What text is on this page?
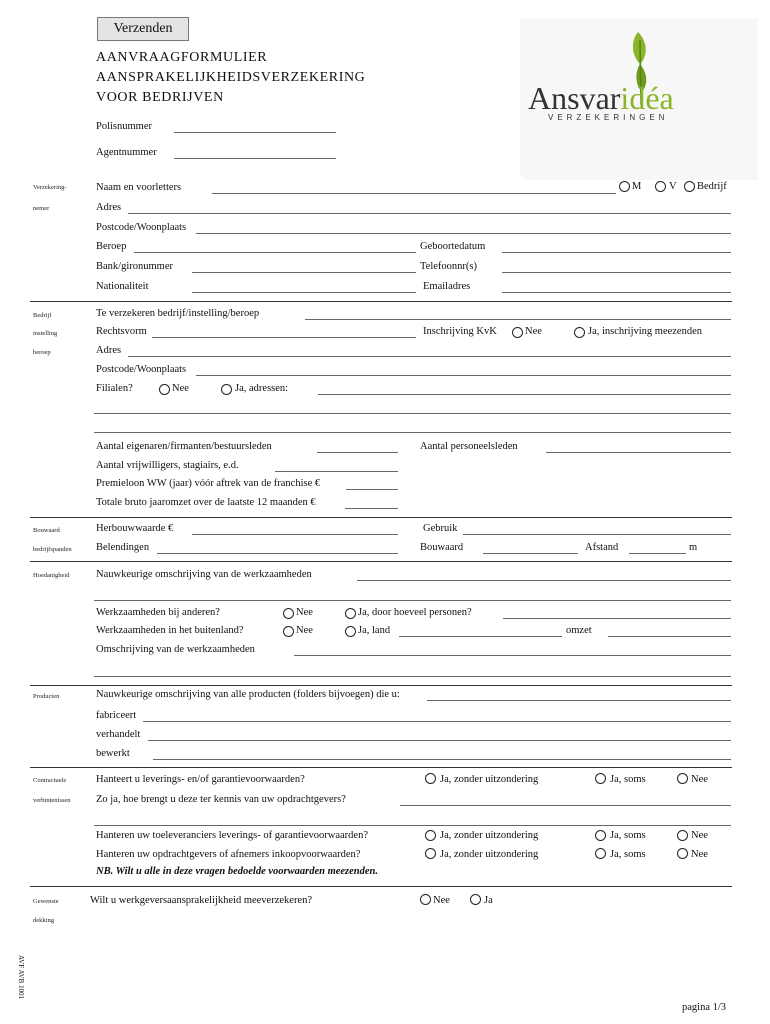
Verzenden
AANVRAAGFORMULIER
AANSPRAKELIJKHEIDSVERZEKERING
VOOR BEDRIJVEN	Ansvaridéa
VERZEKERINGEN
Polisnummer
Agentnummer
Verzekering-
nemer
Naam en voorletters	M	V Bedrijf
Adres
Postcode/Woonplaats
Beroep	Geboortedatum
Bank/gironummer	Telefoonnr(s)
Nationaliteit	Emailadres
Bedrijf
instelling
beroep
Te verzekeren bedrijf/instelling/beroep
Rechtsvorm	Inschrijving KvK	Nee	Ja, inschrijving meezenden
Adres
Postcode/Woonplaats
Filialen?	Nee	Ja, adressen:
Aantal eigenaren/firmanten/bestuursleden	Aantal personeelsleden
Aantal vrijwilligers, stagiairs, e.d.
Premieloon WW (jaar) vóór aftrek van de franchise €
Totale bruto jaaromzet over de laatste 12 maanden €
Bouwaard
bedrijfspanden
Herbouwwaarde €	Gebruik
Belendingen	Bouwaard	Afstand	m
Hoedanigheid	Nauwkeurige omschrijving van de werkzaamheden
Werkzaamheden bij anderen?	Nee	Ja, door hoeveel personen?
Werkzaamheden in het buitenland?	Nee	Ja, land	omzet
Omschrijving van de werkzaamheden
Producten	Nauwkeurige omschrijving van alle producten (folders bijvoegen) die u:
fabriceert
verhandelt
bewerkt
Contractuele
verbintenissen
Hanteert u leverings- en/of garantievoorwaarden?	Ja, zonder uitzondering	Ja, soms	Nee
Zo ja, hoe brengt u deze ter kennis van uw opdrachtgevers?
Hanteren uw toeleveranciers leverings- of garantievoorwaarden?	Ja, zonder uitzondering	Ja, soms	Nee
Hanteren uw opdrachtgevers of afnemers inkoopvoorwaarden?	Ja, zonder uitzondering	Ja, soms	Nee
NB. Wilt u alle in deze vragen bedoelde voorwaarden meezenden.
Gewenste
dekking
Wilt u werkgeversaansprakelijkheid meeverzekeren?	Nee	Ja
AVF AVB 1001
pagina 1/3
